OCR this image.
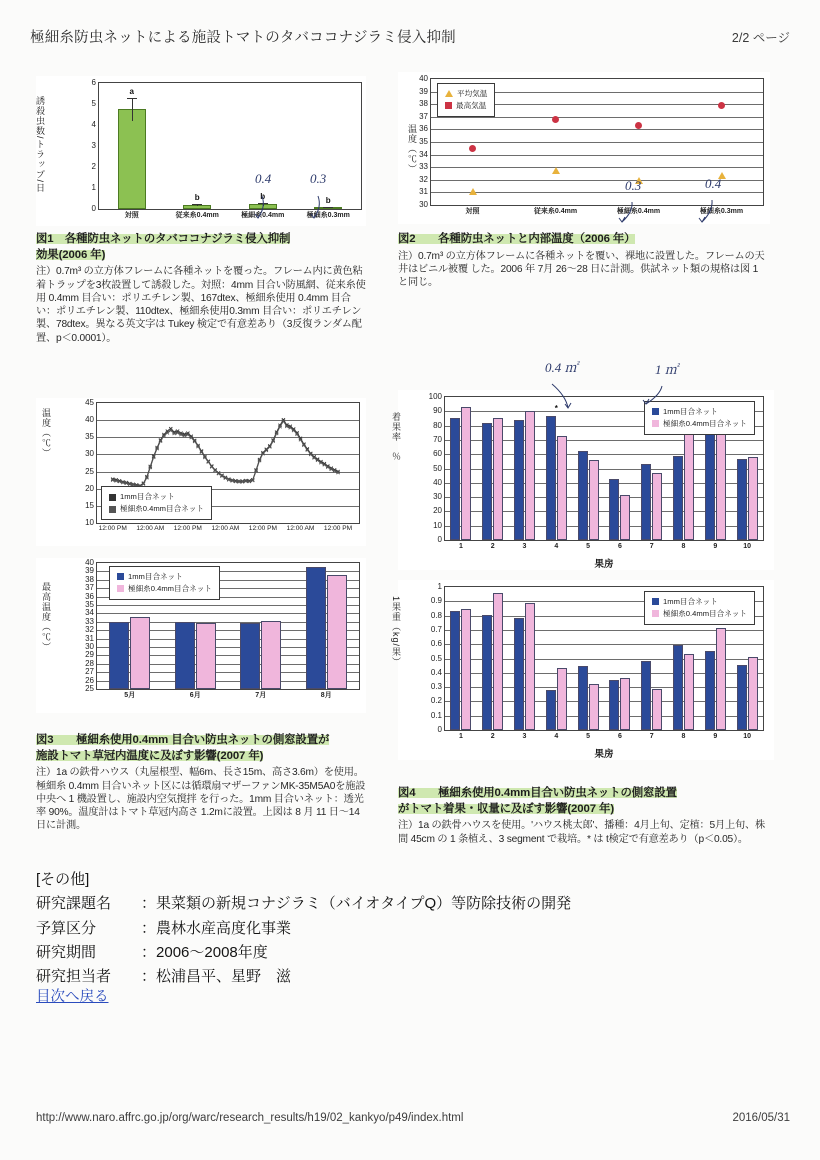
極細糸防虫ネットによる施設トマトのタバココナジラミ侵入抑制	2/2 ページ
誘殺虫数/トラップ/日
0
1
2
3
4
5
6
a
b	b	b
対照	従来糸0.4mm	極細糸0.4mm	極細糸0.3mm
図1　各種防虫ネットのタバココナジラミ侵入抑制
効果(2006 年)
注）0.7m³ の立方体フレームに各種ネットを覆った。フレーム内に黄色粘着トラップを3枚設置して誘殺した。対照：4mm 目合い防風網、従来糸使用 0.4mm 目合い：ポリエチレン製、167dtex、極細糸使用 0.4mm 目合い：ポリエチレン製、110dtex、極細糸使用0.3mm 目合い：ポリエチレン製、78dtex。異なる英文字は Tukey 検定で有意差あり（3反復ランダム配置、p＜0.0001）。
温度（℃）
30
31
32
33
34
35
36
37
38
39
40
平均気温
最高気温
対照	従来糸0.4mm	極細糸0.4mm	極細糸0.3mm
図2　　各種防虫ネットと内部温度（2006 年）
注）0.7m³ の立方体フレームに各種ネットを覆い、裸地に設置した。フレームの天井はビニル被覆 した。2006 年 7月 26～28 日に計測。供試ネット類の規格は図 1 と同じ。
温度（℃）
10
15
20
25
30
35
40
45
1mm目合ネット
極細糸0.4mm目合ネット
12:00 PM 12:00 AM 12:00 PM 12:00 AM 12:00 PM 12:00 AM 12:00 PM
最高温度（℃）
25
26
27
28
29
30
31
32
33
34
35
36
37
38
39
40
1mm目合ネット
極細糸0.4mm目合ネット
5月	6月	7月	8月
図3　　極細糸使用0.4mm 目合い防虫ネットの側窓設置が
施設トマト草冠内温度に及ぼす影響(2007 年)
注）1a の鉄骨ハウス（丸屋根型、幅6m、長さ15m、高さ3.6m）を使用。極細糸 0.4mm 目合いネット区には循環扇マザーファンMK-35M5A0を施設中央へ 1 機設置し、施設内空気撹拌 を行った。1mm 目合いネット：透光率 90%。温度計はトマト草冠内高さ 1.2mに設置。上図は 8 月 11 日～14 日に計測。
着果率　％
0
10
20
30
40
50
60
70
80
90
100
*	1mm目合ネット
極細糸0.4mm目合ネット
1	2	3	4	5	6	7	8	9	10
果房
1果重（kg/果）
0
0.1
0.2
0.3
0.4
0.5
0.6
0.7
0.8
0.9
1
1mm目合ネット
極細糸0.4mm目合ネット
1	2	3	4	5	6	7	8	9	10
果房
図4　　極細糸使用0.4mm目合い防虫ネットの側窓設置
がトマト着果・収量に及ぼす影響(2007 年)
注）1a の鉄骨ハウスを使用。'ハウス桃太郎'、播種：4月上旬、定植：5月上旬、株間 45cm の 1 条植え、3 segment で栽培。* は t検定で有意差あり（p＜0.05）。
0.4	0.3	0.3	0.4
0.4 ㎡	1 ㎡
[その他]
研究課題名 ：果菜類の新規コナジラミ（バイオタイプQ）等防除技術の開発
予算区分	：農林水産高度化事業
研究期間	：2006～2008年度
研究担当者 ：松浦昌平、星野　滋
目次へ戻る
http://www.naro.affrc.go.jp/org/warc/research_results/h19/02_kankyo/p49/index.html	2016/05/31
